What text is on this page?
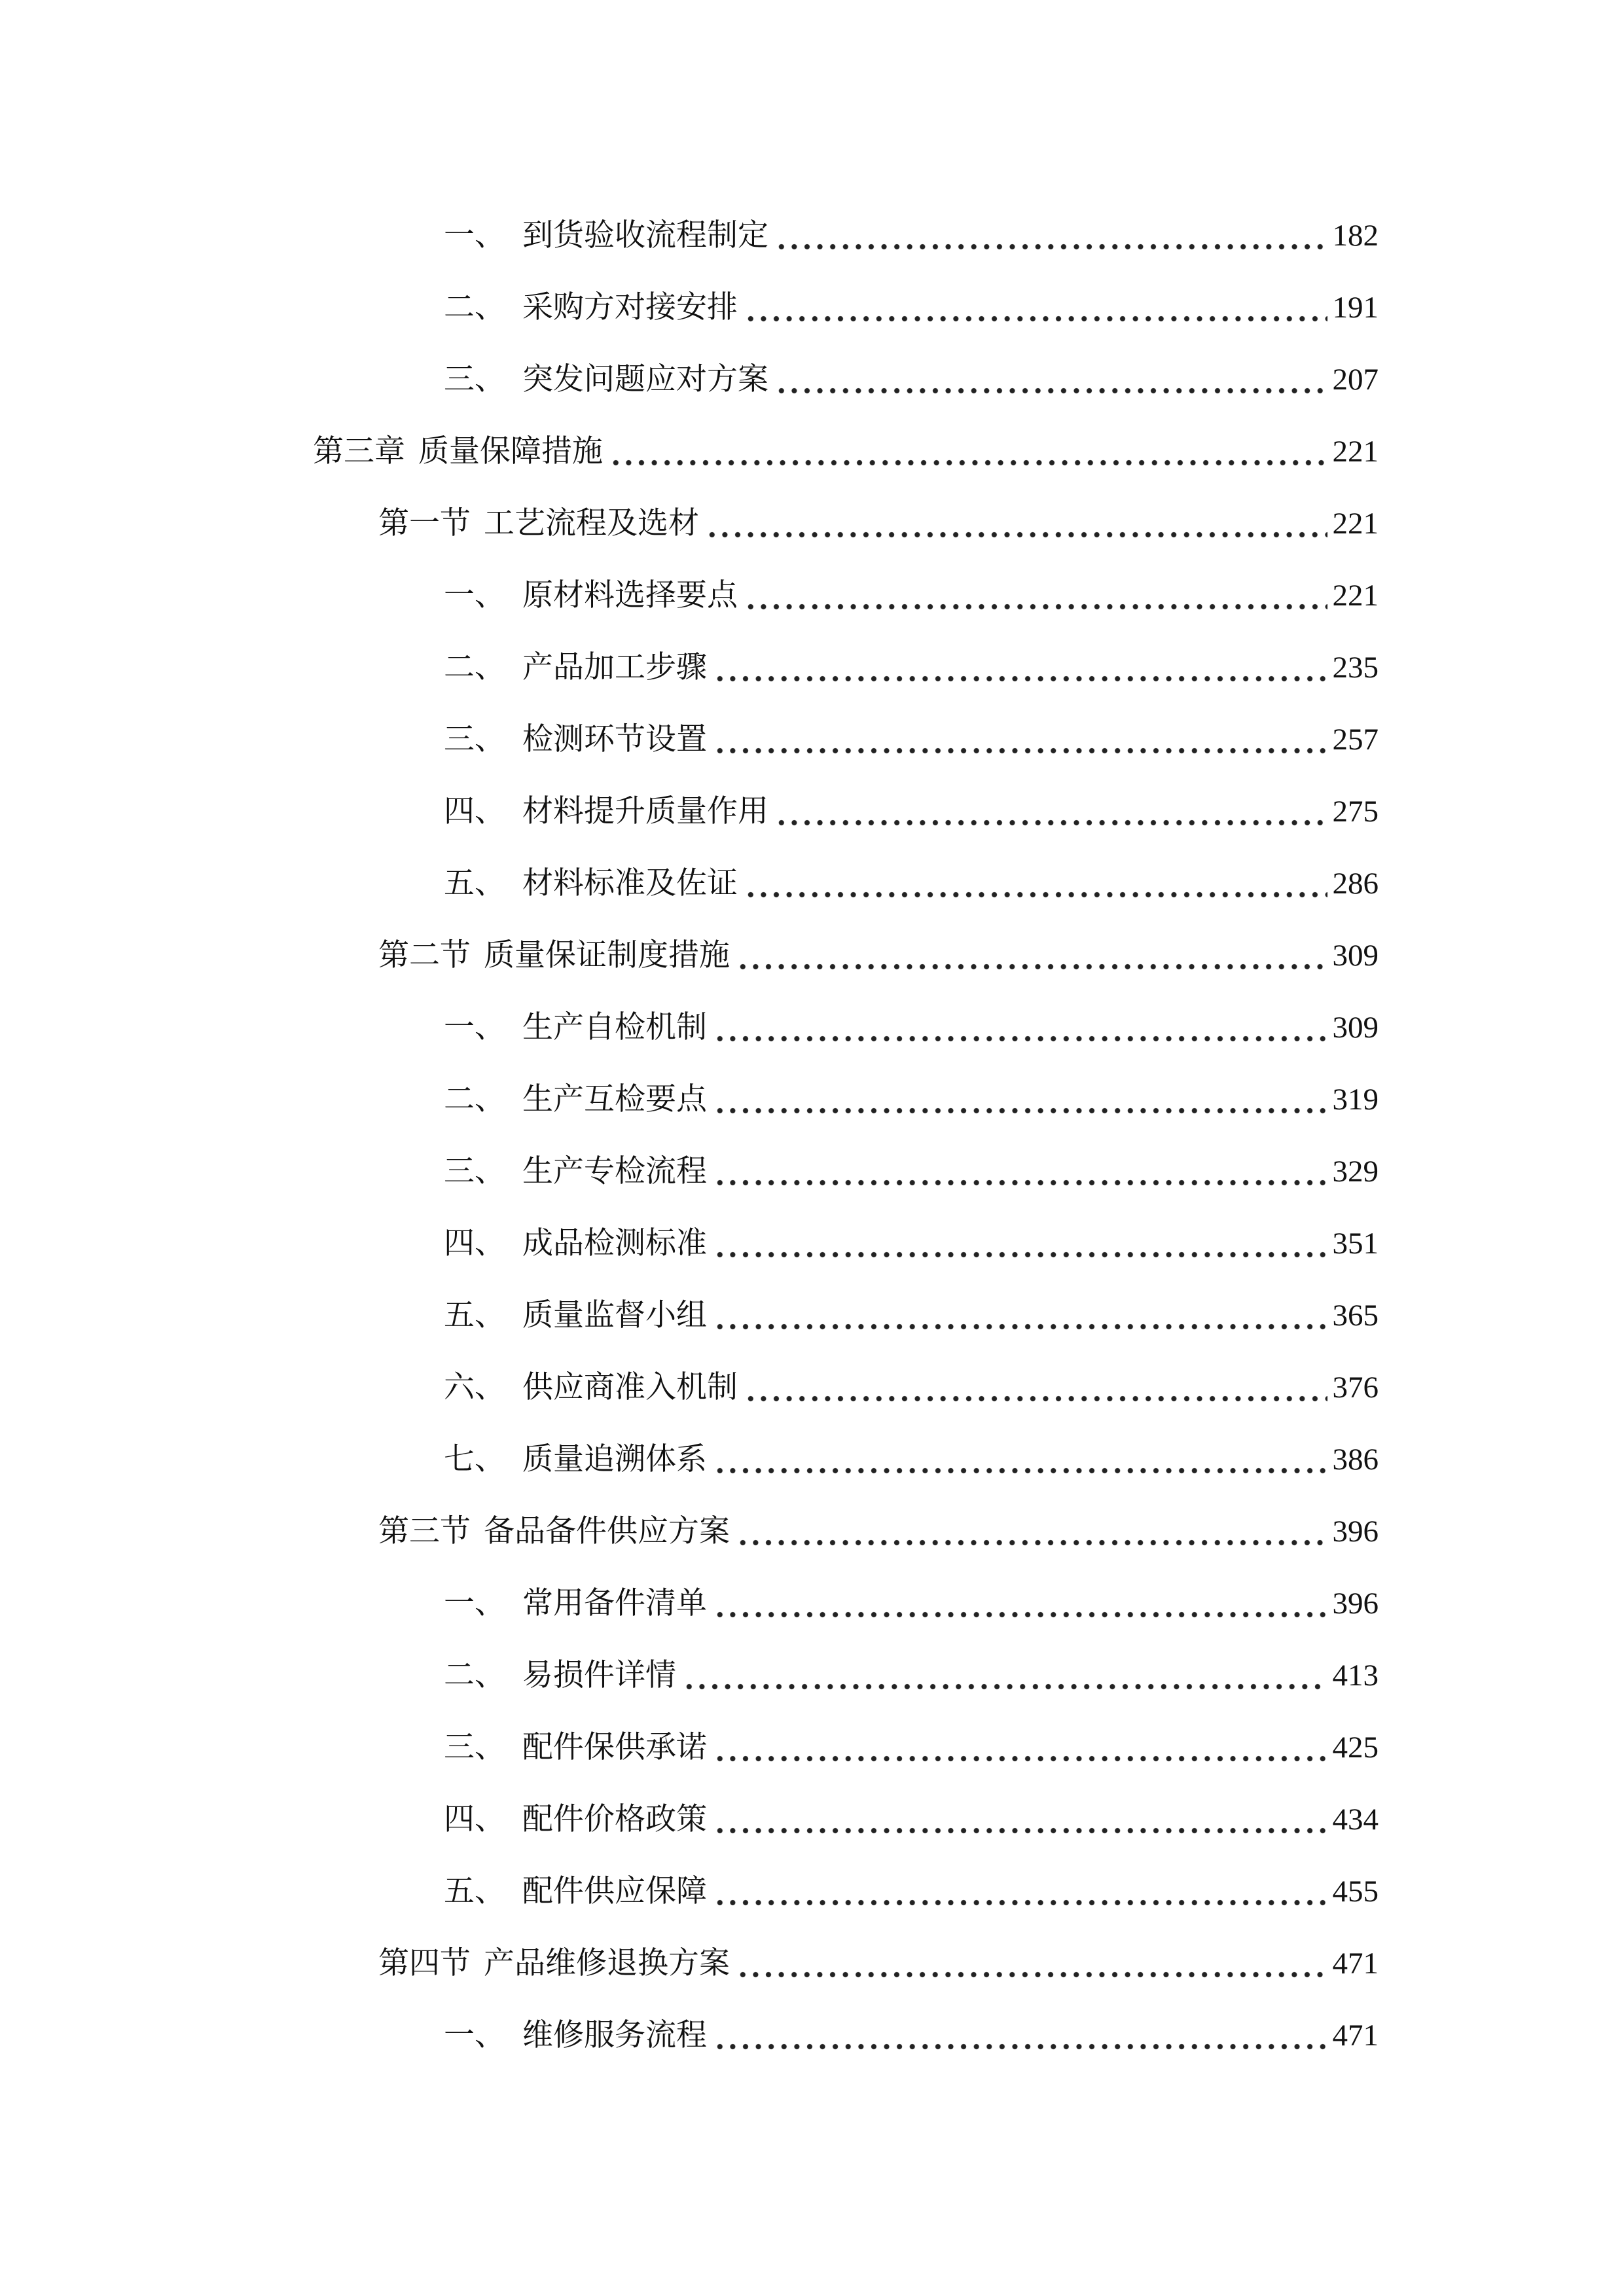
一、 到货验收流程制定	182
二、 采购方对接安排	191
三、 突发问题应对方案	207
第三章 质量保障措施	221
第一节 工艺流程及选材	221
一、 原材料选择要点	221
二、 产品加工步骤	235
三、 检测环节设置	257
四、 材料提升质量作用	275
五、 材料标准及佐证	286
第二节 质量保证制度措施	309
一、 生产自检机制	309
二、 生产互检要点	319
三、 生产专检流程	329
四、 成品检测标准	351
五、 质量监督小组	365
六、 供应商准入机制	376
七、 质量追溯体系	386
第三节 备品备件供应方案	396
一、 常用备件清单	396
二、 易损件详情	413
三、 配件保供承诺	425
四、 配件价格政策	434
五、 配件供应保障	455
第四节 产品维修退换方案	471
一、 维修服务流程	471
